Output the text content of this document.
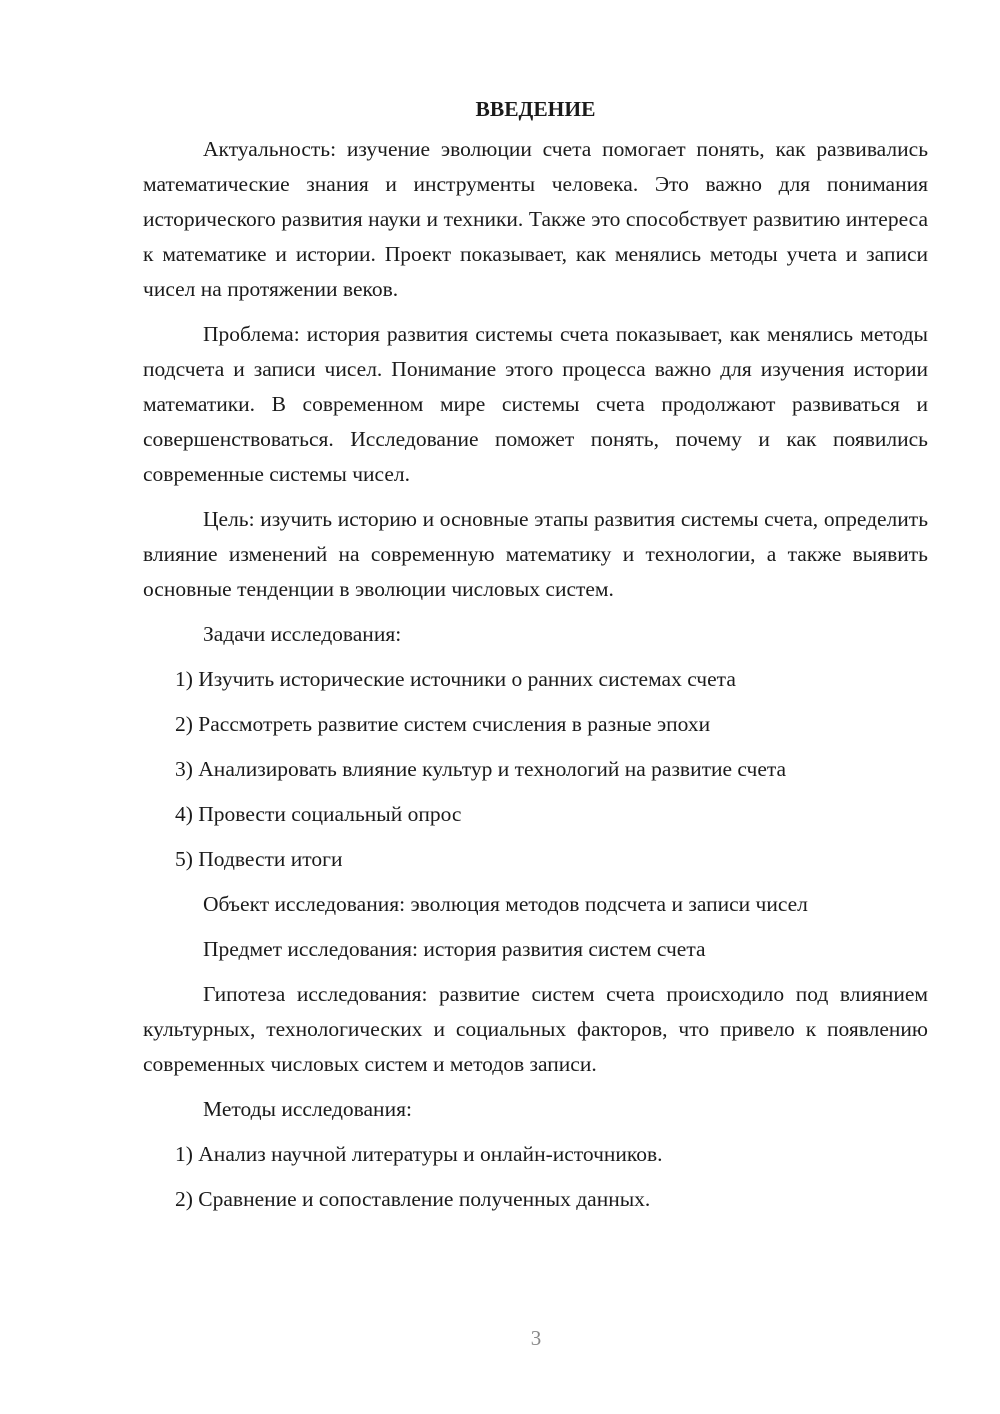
ВВЕДЕНИЕ

Актуальность: изучение эволюции счета помогает понять, как развивались математические знания и инструменты человека. Это важно для понимания исторического развития науки и техники. Также это способствует развитию интереса к математике и истории. Проект показывает, как менялись методы учета и записи чисел на протяжении веков.

Проблема: история развития системы счета показывает, как менялись методы подсчета и записи чисел. Понимание этого процесса важно для изучения истории математики. В современном мире системы счета продолжают развиваться и совершенствоваться. Исследование поможет понять, почему и как появились современные системы чисел.

Цель: изучить историю и основные этапы развития системы счета, определить влияние изменений на современную математику и технологии, а также выявить основные тенденции в эволюции числовых систем.

Задачи исследования:

1) Изучить исторические источники о ранних системах счета

2) Рассмотреть развитие систем счисления в разные эпохи

3) Анализировать влияние культур и технологий на развитие счета

4) Провести социальный опрос

5) Подвести итоги

Объект исследования: эволюция методов подсчета и записи чисел

Предмет исследования: история развития систем счета

Гипотеза исследования: развитие систем счета происходило под влиянием культурных, технологических и социальных факторов, что привело к появлению современных числовых систем и методов записи.

Методы исследования:

1) Анализ научной литературы и онлайн-источников.

2) Сравнение и сопоставление полученных данных.

3
